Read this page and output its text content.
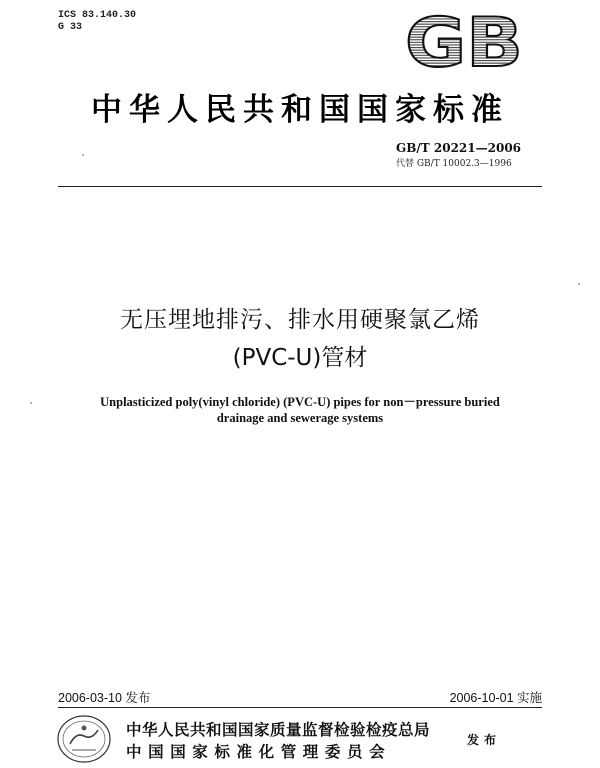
ICS 83.140.30
G 33	GB
中华人民共和国国家标准
GB/T 20221—2006
代替 GB/T 10002.3—1996
无压埋地排污、排水用硬聚氯乙烯
(PVC-U)管材
Unplasticized poly(vinyl chloride) (PVC-U) pipes for non－pressure buried
drainage and sewerage systems
2006-03-10 发布	2006-10-01 实施
中华人民共和国国家质量监督检验检疫总局
中国国家标准化管理委员会
发布
